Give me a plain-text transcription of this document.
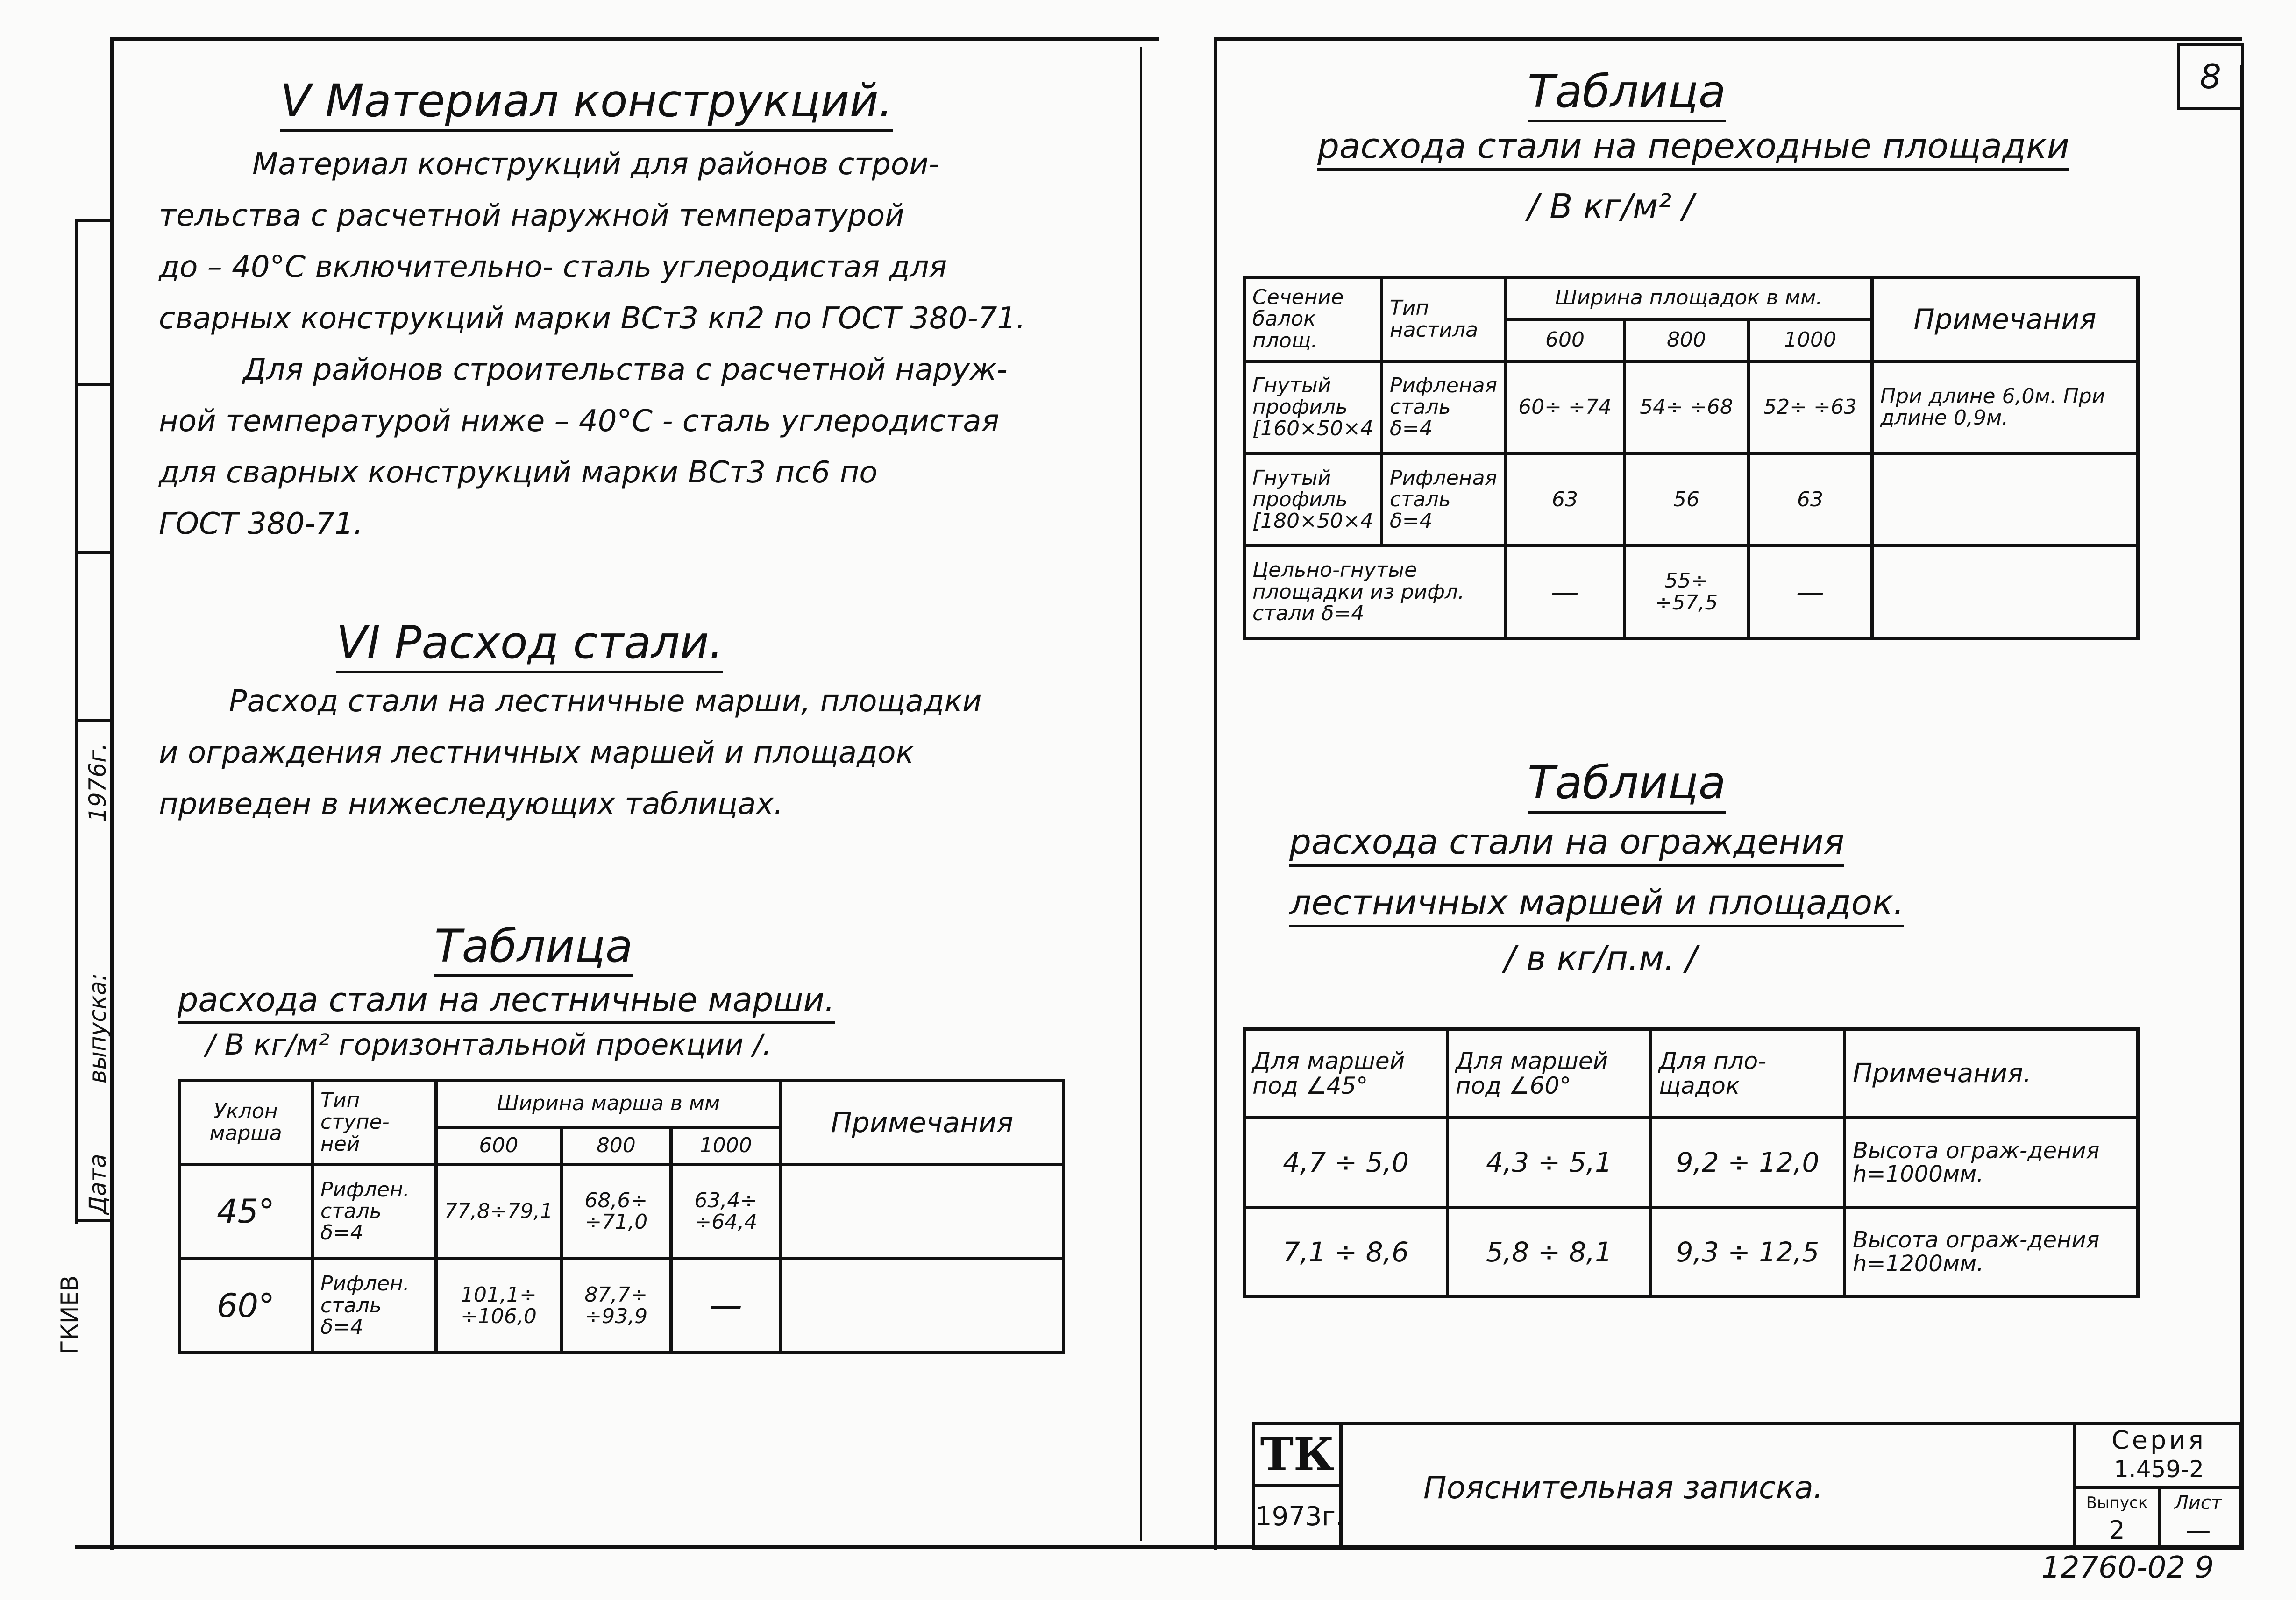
8
ГКИЕВ
Дата
выпуска:
1976г.
V Материал конструкций.
Материал конструкций для районов строи-
тельства с расчетной наружной температурой
до – 40°С включительно- сталь углеродистая для
сварных конструкций марки ВСт3 кп2 по ГОСТ 380-71.
Для районов строительства с расчетной наруж-
ной температурой ниже – 40°С - сталь углеродистая
для сварных конструкций марки ВСт3 пс6 по
ГОСТ 380-71.
VI Расход стали.
Расход стали на лестничные марши, площадки
и ограждения лестничных маршей и площадок
приведен в нижеследующих таблицах.
Таблица
расхода стали на лестничные марши.
/ В кг/м² горизонтальной проекции /.
Уклон марша	Тип ступе-ней	Ширина марша в мм			Примечания
		600	800	1000	
45°	Рифлен. сталь δ=4	77,8÷79,1	68,6÷ ÷71,0	63,4÷ ÷64,4	
60°	Рифлен. сталь δ=4	101,1÷ ÷106,0	87,7÷ ÷93,9	—	
Таблица
расхода стали на переходные площадки
/ В кг/м² /
Сечение балок площ.	Тип настила	Ширина площадок в мм.			Примечания
		600	800	1000	
Гнутый профиль [160×50×4	Рифленая сталь δ=4	60÷ ÷74	54÷ ÷68	52÷ ÷63	При длине 6,0м. При длине 0,9м.
Гнутый профиль [180×50×4	Рифленая сталь δ=4	63	56	63	
Цельно-гнутые площадки из рифл. стали δ=4		—	55÷ ÷57,5	—	
Таблица
расхода стали на ограждения
лестничных маршей и площадок.
/ в кг/п.м. /
Для маршей под ∠45°	Для маршей под ∠60°	Для пло-щадок	Примечания.
4,7 ÷ 5,0	4,3 ÷ 5,1	9,2 ÷ 12,0	Высота ограж-дения h=1000мм.
7,1 ÷ 8,6	5,8 ÷ 8,1	9,3 ÷ 12,5	Высота ограж-дения h=1200мм.
ТК
1973г.
Пояснительная записка.
Серия
1.459-2
Выпуск
2
Лист
—
12760-02 9
